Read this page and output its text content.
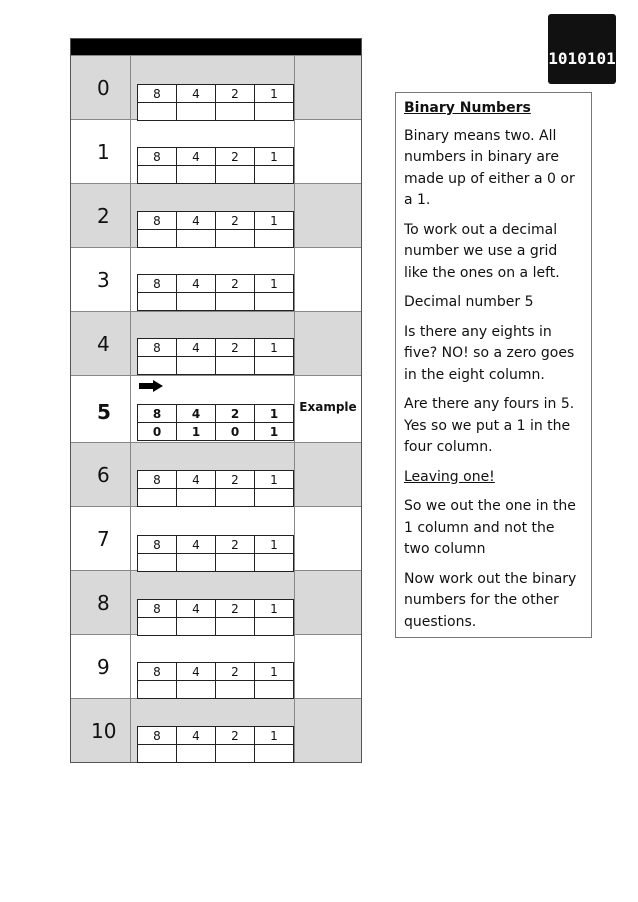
1010101

0101010

1010101

0101010

1010101

0	8	4	2	1

1	8	4	2	1

2	8	4	2	1

3	8	4	2	1

4	8	4	2	1

5	8	4	2	1
0	1	0	1
Example
6	8	4	2	1

7	8	4	2	1

8	8	4	2	1

9	8	4	2	1

10	8	4	2	1

Binary Numbers

Binary means two. All numbers in binary are made up of either a 0 or a 1.

To work out a decimal number we use a grid like the ones on a left.

Decimal number 5

Is there any eights in five? NO! so a zero goes in the eight column.

Are there any fours in 5. Yes so we put a 1 in the four column.

Leaving one!

So we out the one in the 1 column and not the two column

Now work out the binary numbers for the other questions.
